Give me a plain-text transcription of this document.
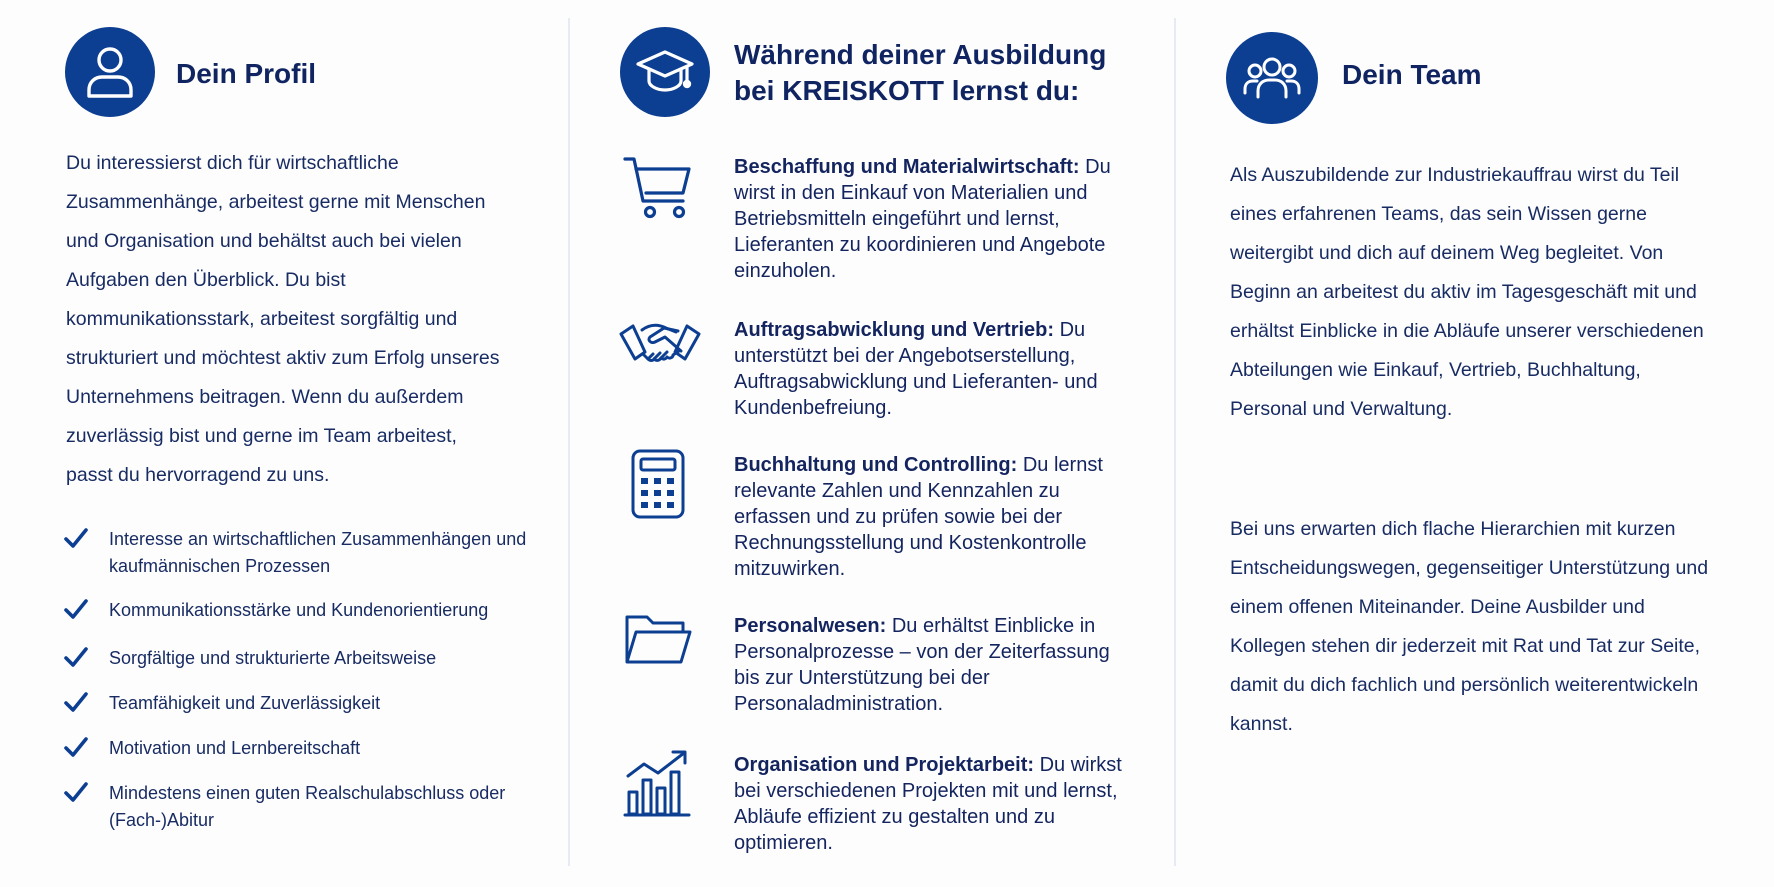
Dein Profil

Du interessierst dich für wirtschaftliche Zusammenhänge, arbeitest gerne mit Menschen und Organisation und behältst auch bei vielen Aufgaben den Überblick. Du bist kommunikationsstark, arbeitest sorgfältig und strukturiert und möchtest aktiv zum Erfolg unseres Unternehmens beitragen. Wenn du außerdem zuverlässig bist und gerne im Team arbeitest, passt du hervorragend zu uns.

Interesse an wirtschaftlichen Zusammenhängen und kaufmännischen Prozessen
Kommunikationsstärke und Kundenorientierung
Sorgfältige und strukturierte Arbeitsweise
Teamfähigkeit und Zuverlässigkeit
Motivation und Lernbereitschaft
Mindestens einen guten Realschulabschluss oder (Fach-)Abitur
Während deiner Ausbildung
bei KREISKOTT lernst du:
Beschaffung und Materialwirtschaft: Du wirst in den Einkauf von Materialien und Betriebsmitteln eingeführt und lernst, Lieferanten zu koordinieren und Angebote einzuholen.
Auftragsabwicklung und Vertrieb: Du unterstützt bei der Angebotserstellung, Auftragsabwicklung und Lieferanten- und Kundenbefreiung.
Buchhaltung und Controlling: Du lernst relevante Zahlen und Kennzahlen zu erfassen und zu prüfen sowie bei der Rechnungsstellung und Kostenkontrolle mitzuwirken.
Personalwesen: Du erhältst Einblicke in Personalprozesse – von der Zeiterfassung bis zur Unterstützung bei der Personaladministration.
Organisation und Projektarbeit: Du wirkst bei verschiedenen Projekten mit und lernst, Abläufe effizient zu gestalten und zu optimieren.
Dein Team

Als Auszubildende zur Industriekauffrau wirst du Teil eines erfahrenen Teams, das sein Wissen gerne weitergibt und dich auf deinem Weg begleitet. Von Beginn an arbeitest du aktiv im Tagesgeschäft mit und erhältst Einblicke in die Abläufe unserer verschiedenen Abteilungen wie Einkauf, Vertrieb, Buchhaltung, Personal und Verwaltung.

Bei uns erwarten dich flache Hierarchien mit kurzen Entscheidungswegen, gegenseitiger Unterstützung und einem offenen Miteinander. Deine Ausbilder und Kollegen stehen dir jederzeit mit Rat und Tat zur Seite, damit du dich fachlich und persönlich weiterentwickeln kannst.
